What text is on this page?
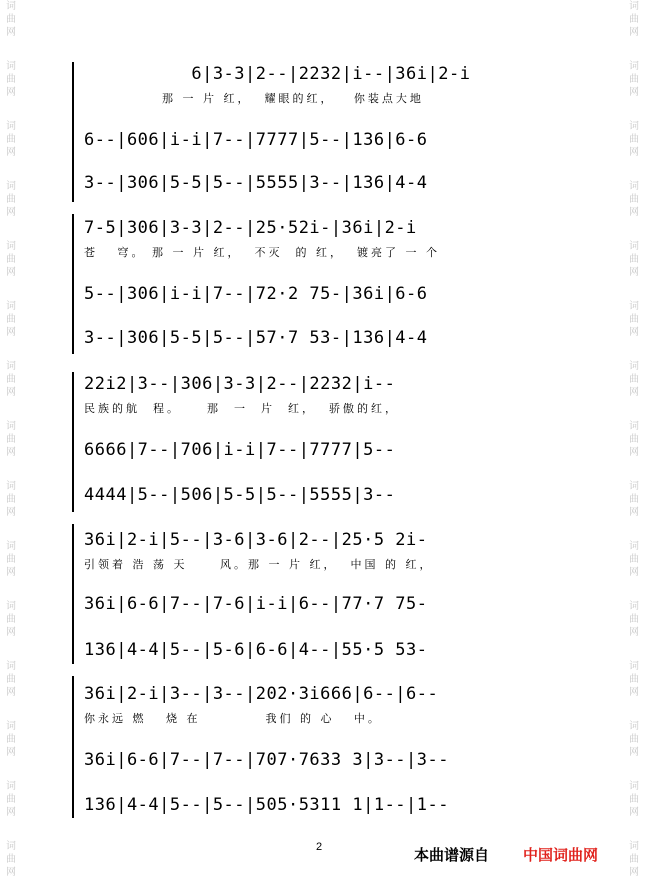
词
曲
网
词
曲
网
词
曲
网
词
曲
网
词
曲
网
词
曲
网
词
曲
网
词
曲
网
词
曲
网
词
曲
网
词
曲
网
词
曲
网
词
曲
网
词
曲
网
词
曲
网
词
曲
网
词
曲
网
词
曲
网
词
曲
网
词
曲
网
词
曲
网
词
曲
网
词
曲
网
词
曲
网
词
曲
网
词
曲
网
词
曲
网
词
曲
网
词
曲
网
词
曲
网
6|3-3|2--|2232|i--|36i|2-i
那 一 片 红，  耀眼的红，   你装点大地
6--|606|i-i|7--|7777|5--|136|6-6
3--|306|5-5|5--|5555|3--|136|4-4
7-5|306|3-3|2--|25·52i-|36i|2-i
苍   穹。 那 一 片 红，  不灭  的 红，  镀亮了 一 个
5--|306|i-i|7--|72·2 75-|36i|6-6
3--|306|5-5|5--|57·7 53-|136|4-4
22i2|3--|306|3-3|2--|2232|i--
民族的航  程。    那  一  片  红，  骄傲的红，
6666|7--|706|i-i|7--|7777|5--
4444|5--|506|5-5|5--|5555|3--
36i|2-i|5--|3-6|3-6|2--|25·5 2i-
引领着 浩 荡 天     风。那 一 片 红，  中国 的 红，
36i|6-6|7--|7-6|i-i|6--|77·7 75-
136|4-4|5--|5-6|6-6|4--|55·5 53-
36i|2-i|3--|3--|202·3i666|6--|6--
你永远 燃   烧 在          我们 的 心   中。
36i|6-6|7--|7--|707·7633 3|3--|3--
136|4-4|5--|5--|505·5311 1|1--|1--
2	本曲谱源自 中国词曲网
